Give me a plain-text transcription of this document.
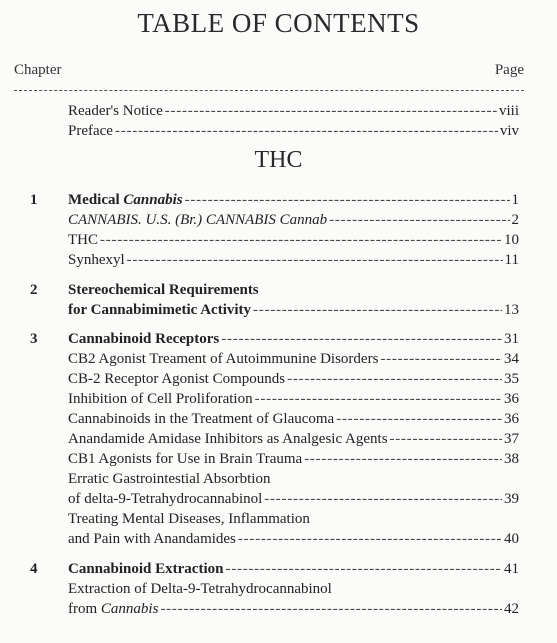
TABLE OF CONTENTS
Chapter	Page
Reader's Notice - - -	viii
Preface - - -	viv
THC
1 Medical Cannabis - - -	1
CANNABIS. U.S. (Br.) CANNABIS Cannab - - -	2
THC - - -	10
Synhexyl - - -	11
2 Stereochemical Requirements
for Cannabimimetic Activity - - -	13
3 Cannabinoid Receptors - - -	31
CB2 Agonist Treament of Autoimmunine Disorders - - -	34
CB-2 Receptor Agonist Compounds - - -	35
Inhibition of Cell Proliforation - - -	36
Cannabinoids in the Treatment of Glaucoma - - -	36
Anandamide Amidase Inhibitors as Analgesic Agents - - -	37
CB1 Agonists for Use in Brain Trauma - - -	38
Erratic Gastrointestial Absorbtion
of delta-9-Tetrahydrocannabinol - - -	39
Treating Mental Diseases, Inflammation
and Pain with Anandamides - - -	40
4 Cannabinoid Extraction - - -	41
Extraction of Delta-9-Tetrahydrocannabinol
from Cannabis - - -	42
